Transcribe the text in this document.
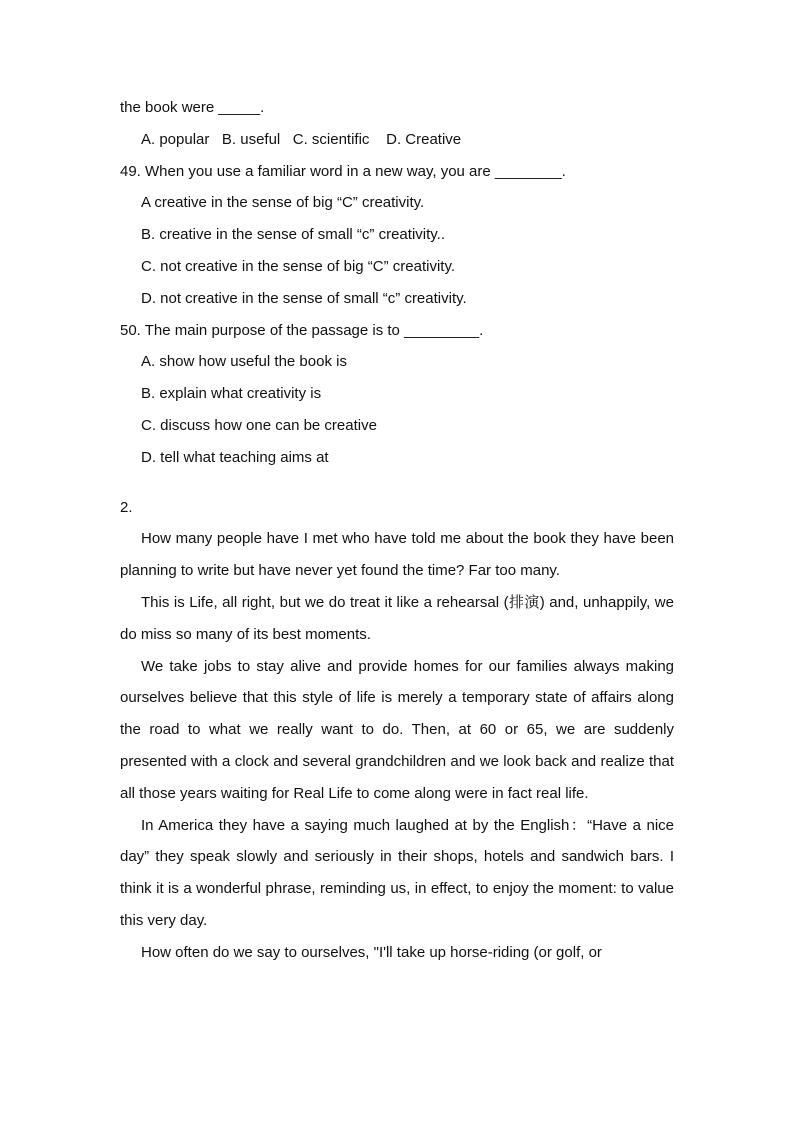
the book were _____.
A. popular   B. useful   C. scientific    D. Creative
49. When you use a familiar word in a new way, you are ________.
A creative in the sense of big “C” creativity.
B. creative in the sense of small “c” creativity..
C. not creative in the sense of big “C” creativity.
D. not creative in the sense of small “c” creativity.
50. The main purpose of the passage is to _________.
A. show how useful the book is
B. explain what creativity is
C. discuss how one can be creative
D. tell what teaching aims at
2.
How many people have I met who have told me about the book they have been planning to write but have never yet found the time? Far too many.
This is Life, all right, but we do treat it like a rehearsal (排演) and, unhappily, we do miss so many of its best moments.
We take jobs to stay alive and provide homes for our families always making ourselves believe that this style of life is merely a temporary state of affairs along the road to what we really want to do. Then, at 60 or 65, we are suddenly presented with a clock and several grandchildren and we look back and realize that all those years waiting for Real Life to come along were in fact real life.
In America they have a saying much laughed at by the English：“Have a nice day” they speak slowly and seriously in their shops, hotels and sandwich bars. I think it is a wonderful phrase, reminding us, in effect, to enjoy the moment: to value this very day.
How often do we say to ourselves, "I'll take up horse-riding (or golf, or
